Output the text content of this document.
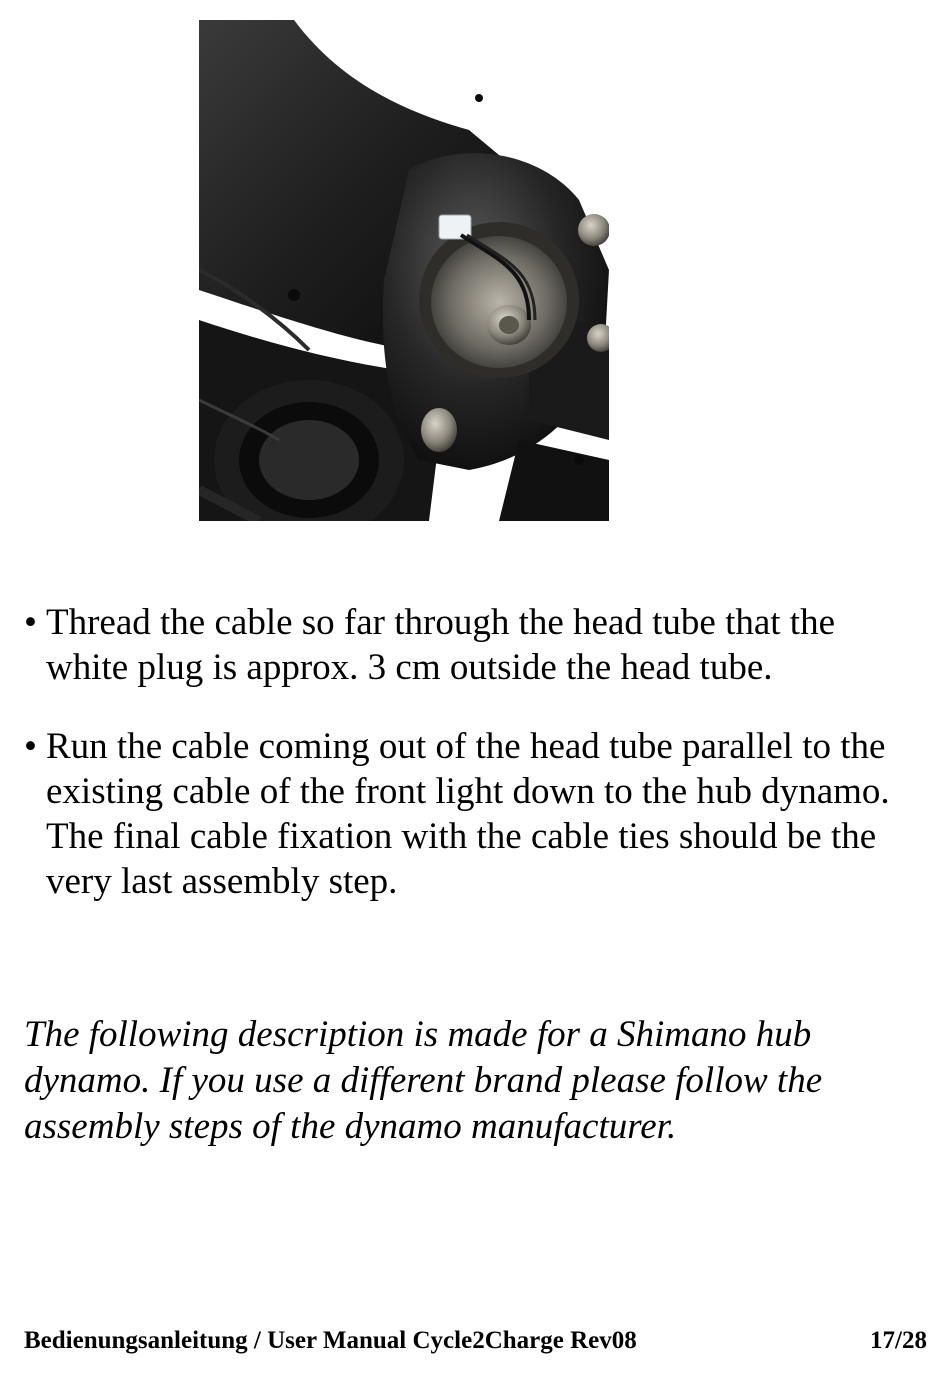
• Thread the cable so far through the head tube that the white plug is approx. 3 cm outside the head tube.
• Run the cable coming out of the head tube parallel to the existing cable of the front light down to the hub dynamo. The final cable fixation with the cable ties should be the very last assembly step.
The following description is made for a Shimano hub dynamo. If you use a different brand please follow the assembly steps of the dynamo manufacturer.
Bedienungsanleitung / User Manual Cycle2Charge Rev08	17/28
